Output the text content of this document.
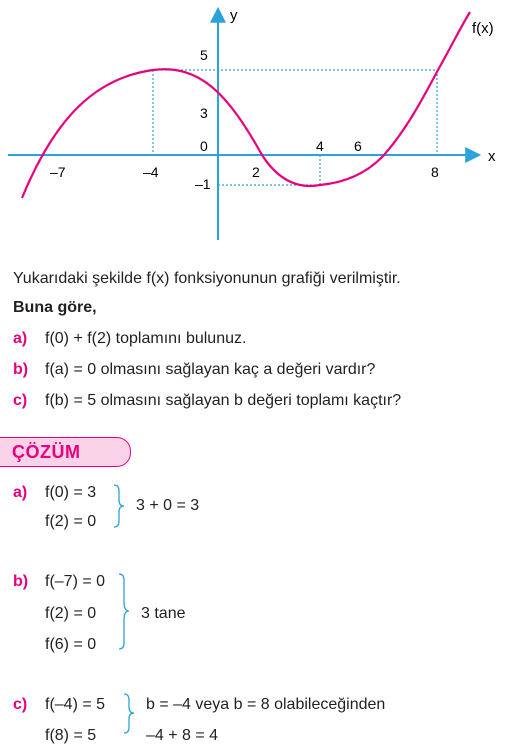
y
x
f(x)
–7	–4	2
4 6
8
5
3
0
–1
Yukarıdaki şekilde f(x) fonksiyonunun grafiği verilmiştir.
Buna göre,
a) f(0) + f(2) toplamını bulunuz.
b) f(a) = 0 olmasını sağlayan kaç a değeri vardır?
c) f(b) = 5 olmasını sağlayan b değeri toplamı kaçtır?
ÇÖZÜM
a) f(0) = 3
f(2) = 0
3 + 0 = 3
b) f(–7) = 0
f(2) = 0
f(6) = 0
3 tane
c) f(–4) = 5
f(8) = 5
b = –4 veya b = 8 olabileceğinden
–4 + 8 = 4
